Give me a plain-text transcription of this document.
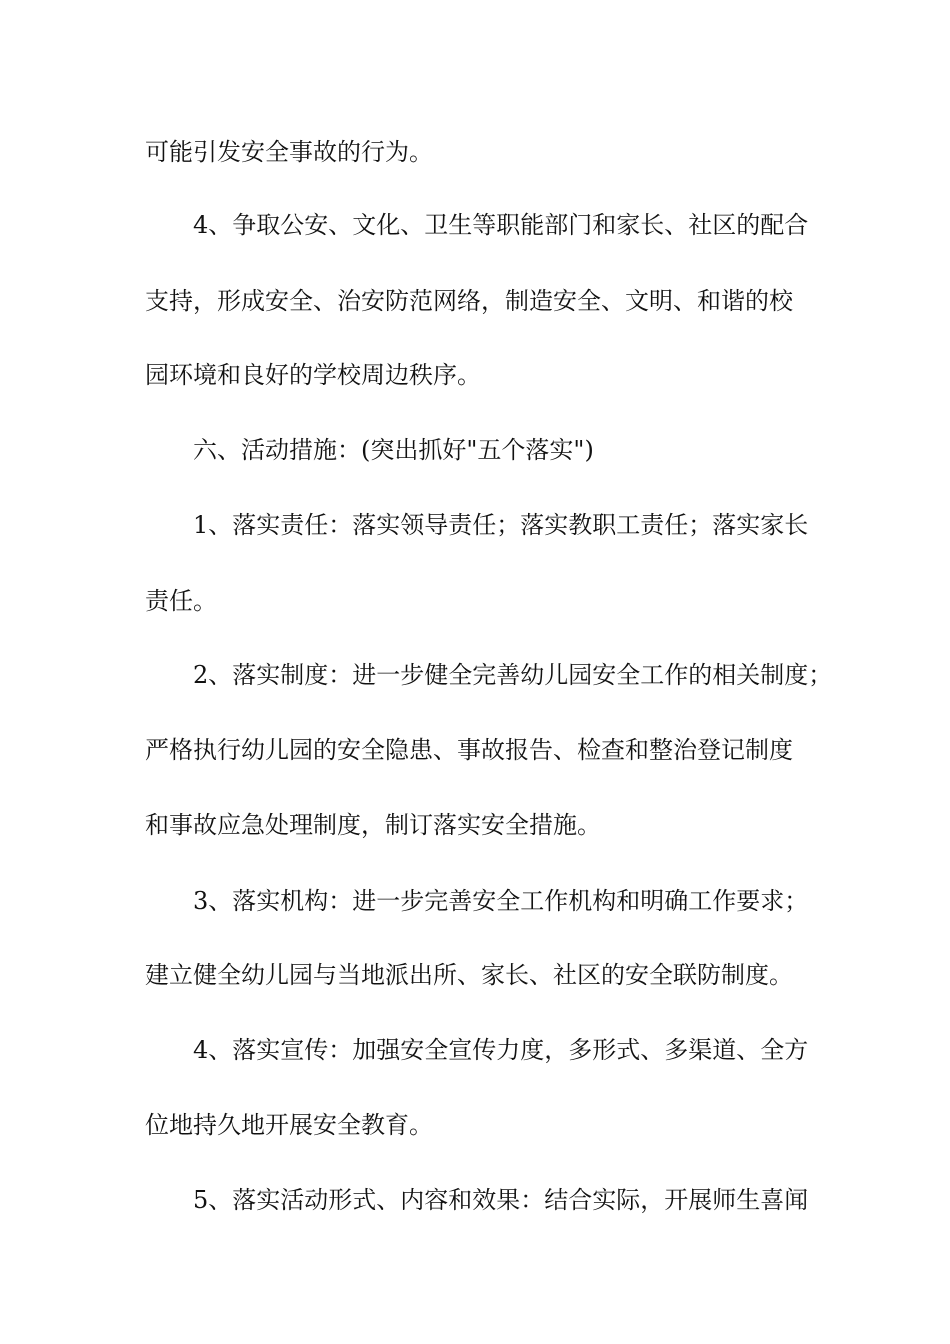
可能引发安全事故的行为。
4、争取公安、文化、卫生等职能部门和家长、社区的配合
支持，形成安全、治安防范网络，制造安全、文明、和谐的校
园环境和良好的学校周边秩序。
六、活动措施：(突出抓好"五个落实")
1、落实责任：落实领导责任；落实教职工责任；落实家长
责任。
2、落实制度：进一步健全完善幼儿园安全工作的相关制度；
严格执行幼儿园的安全隐患、事故报告、检查和整治登记制度
和事故应急处理制度，制订落实安全措施。
3、落实机构：进一步完善安全工作机构和明确工作要求；
建立健全幼儿园与当地派出所、家长、社区的安全联防制度。
4、落实宣传：加强安全宣传力度，多形式、多渠道、全方
位地持久地开展安全教育。
5、落实活动形式、内容和效果：结合实际，开展师生喜闻
